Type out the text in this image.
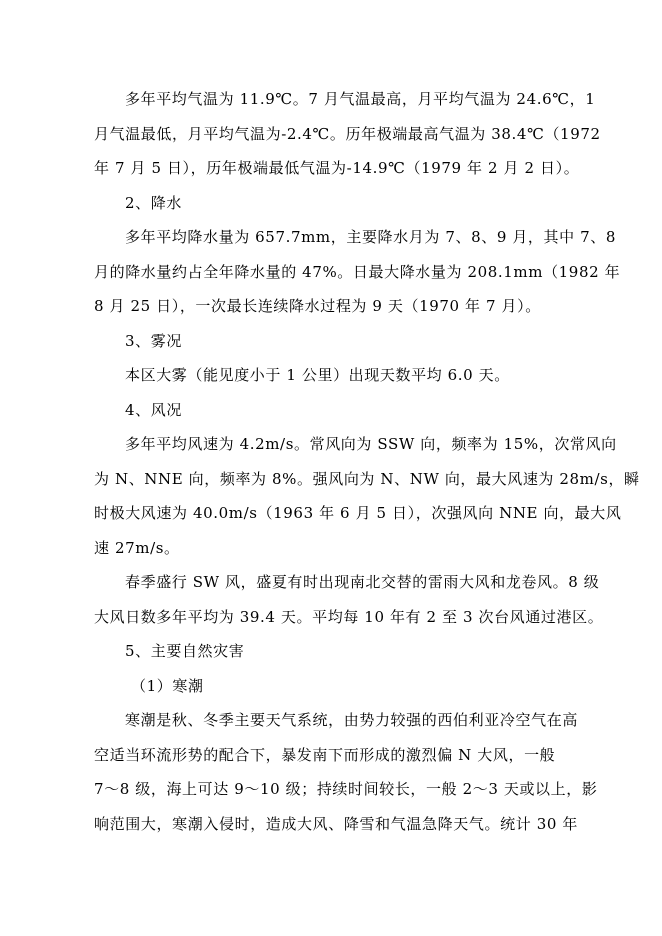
多年平均气温为 11.9℃。7 月气温最高，月平均气温为 24.6℃，1
月气温最低，月平均气温为-2.4℃。历年极端最高气温为 38.4℃（1972
年 7 月 5 日），历年极端最低气温为-14.9℃（1979 年 2 月 2 日）。
2、降水
多年平均降水量为 657.7mm，主要降水月为 7、8、9 月，其中 7、8
月的降水量约占全年降水量的 47%。日最大降水量为 208.1mm（1982 年
8 月 25 日），一次最长连续降水过程为 9 天（1970 年 7 月）。
3、雾况
本区大雾（能见度小于 1 公里）出现天数平均 6.0 天。
4、风况
多年平均风速为 4.2m/s。常风向为 SSW 向，频率为 15%，次常风向
为 N、NNE 向，频率为 8%。强风向为 N、NW 向，最大风速为 28m/s，瞬
时极大风速为 40.0m/s（1963 年 6 月 5 日），次强风向 NNE 向，最大风
速 27m/s。
春季盛行 SW 风，盛夏有时出现南北交替的雷雨大风和龙卷风。8 级
大风日数多年平均为 39.4 天。平均每 10 年有 2 至 3 次台风通过港区。
5、主要自然灾害
（1）寒潮
寒潮是秋、冬季主要天气系统，由势力较强的西伯利亚冷空气在高
空适当环流形势的配合下，暴发南下而形成的激烈偏 N 大风，一般
7～8 级，海上可达 9～10 级；持续时间较长，一般 2～3 天或以上，影
响范围大，寒潮入侵时，造成大风、降雪和气温急降天气。统计 30 年
